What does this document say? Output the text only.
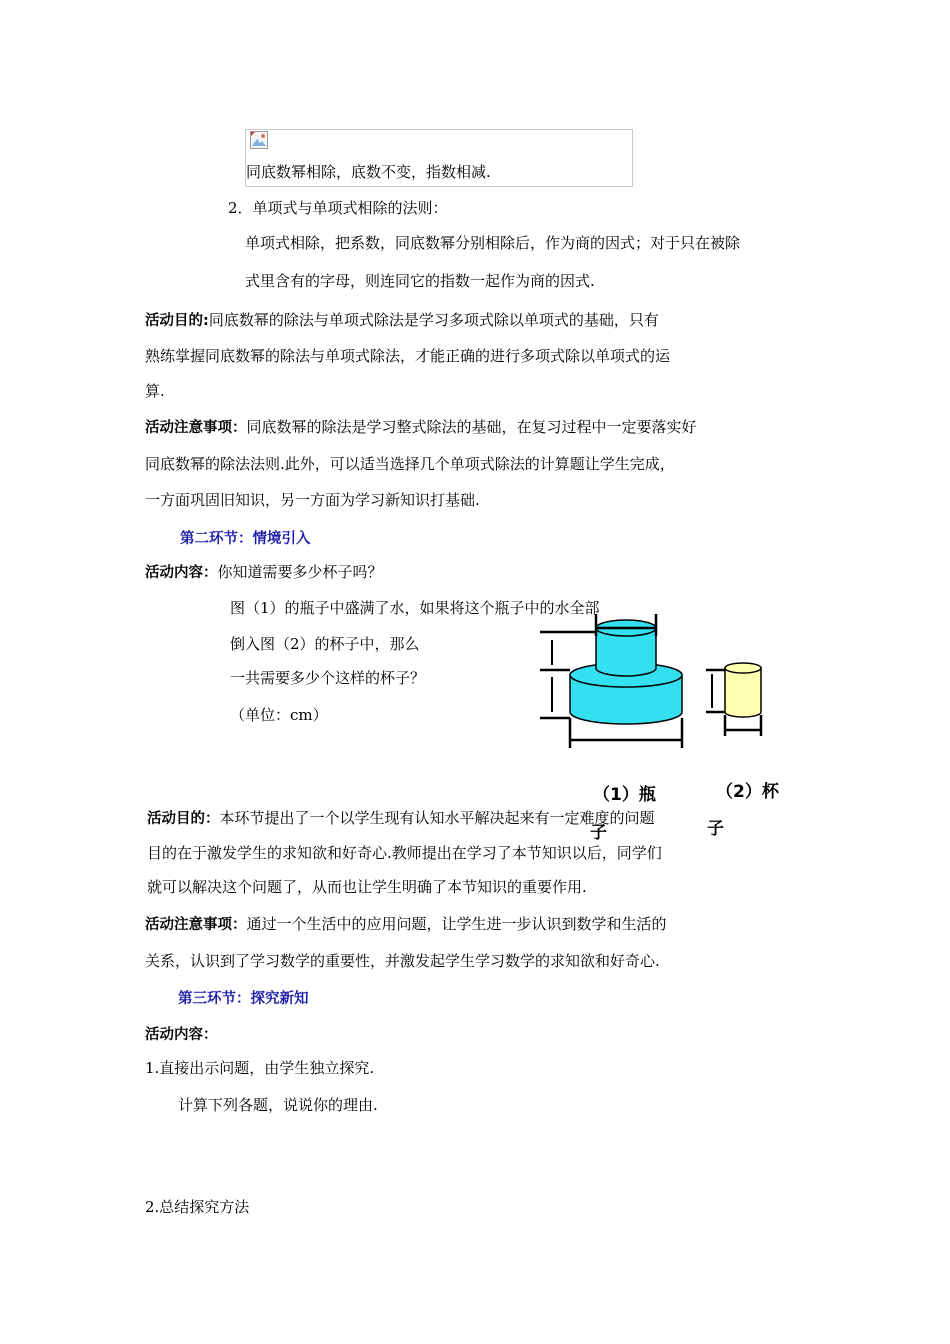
同底数幂相除，底数不变，指数相减.
2．单项式与单项式相除的法则：
单项式相除，把系数，同底数幂分别相除后，作为商的因式；对于只在被除
式里含有的字母，则连同它的指数一起作为商的因式.
活动目的:同底数幂的除法与单项式除法是学习多项式除以单项式的基础，只有
熟练掌握同底数幂的除法与单项式除法，才能正确的进行多项式除以单项式的运
算.
活动注意事项：同底数幂的除法是学习整式除法的基础，在复习过程中一定要落实好
同底数幂的除法法则.此外，可以适当选择几个单项式除法的计算题让学生完成，
一方面巩固旧知识，另一方面为学习新知识打基础.
第二环节：情境引入
活动内容：你知道需要多少杯子吗？
图（1）的瓶子中盛满了水，如果将这个瓶子中的水全部
倒入图（2）的杯子中，那么
一共需要多少个这样的杯子？
（单位：cm）
（1）瓶
子
（2）杯
子
活动目的：本环节提出了一个以学生现有认知水平解决起来有一定难度的问题
目的在于激发学生的求知欲和好奇心.教师提出在学习了本节知识以后，同学们
就可以解决这个问题了，从而也让学生明确了本节知识的重要作用.
活动注意事项：通过一个生活中的应用问题，让学生进一步认识到数学和生活的
关系，认识到了学习数学的重要性，并激发起学生学习数学的求知欲和好奇心.
第三环节：探究新知
活动内容：
1.直接出示问题，由学生独立探究.
计算下列各题，说说你的理由.
2.总结探究方法
